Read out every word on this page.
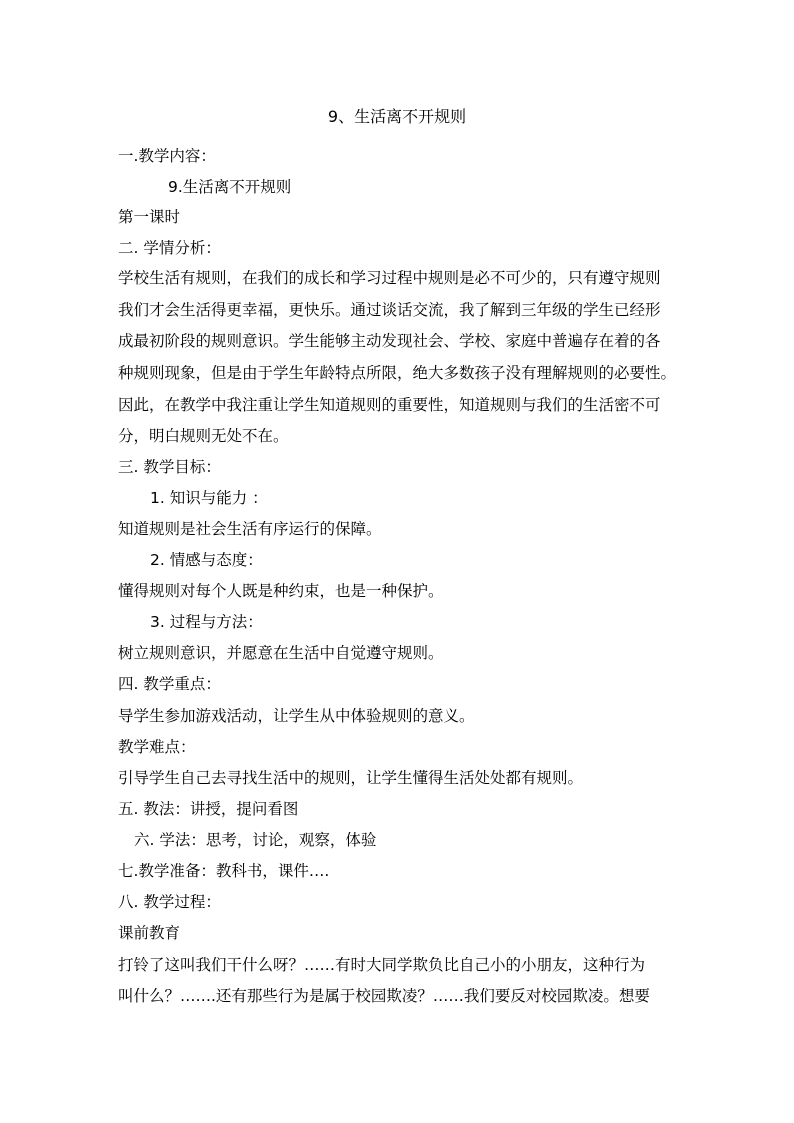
9、生活离不开规则
一.教学内容：
9.生活离不开规则
第一课时
二. 学情分析：
学校生活有规则，在我们的成长和学习过程中规则是必不可少的，只有遵守规则
我们才会生活得更幸福，更快乐。通过谈话交流，我了解到三年级的学生已经形
成最初阶段的规则意识。学生能够主动发现社会、学校、家庭中普遍存在着的各
种规则现象，但是由于学生年龄特点所限，绝大多数孩子没有理解规则的必要性。
因此，在教学中我注重让学生知道规则的重要性，知道规则与我们的生活密不可
分，明白规则无处不在。
三. 教学目标：
1. 知识与能力 ：
知道规则是社会生活有序运行的保障。
2. 情感与态度：
懂得规则对每个人既是种约束，也是一种保护。
3. 过程与方法：
树立规则意识，并愿意在生活中自觉遵守规则。
四. 教学重点：
导学生参加游戏活动，让学生从中体验规则的意义。
教学难点：
引导学生自己去寻找生活中的规则，让学生懂得生活处处都有规则。
五. 教法：讲授，提问看图
六. 学法：思考，讨论，观察，体验
七.教学准备：教科书，课件….
八. 教学过程：
课前教育
打铃了这叫我们干什么呀？……有时大同学欺负比自己小的小朋友，这种行为
叫什么？…….还有那些行为是属于校园欺凌？……我们要反对校园欺凌。想要
